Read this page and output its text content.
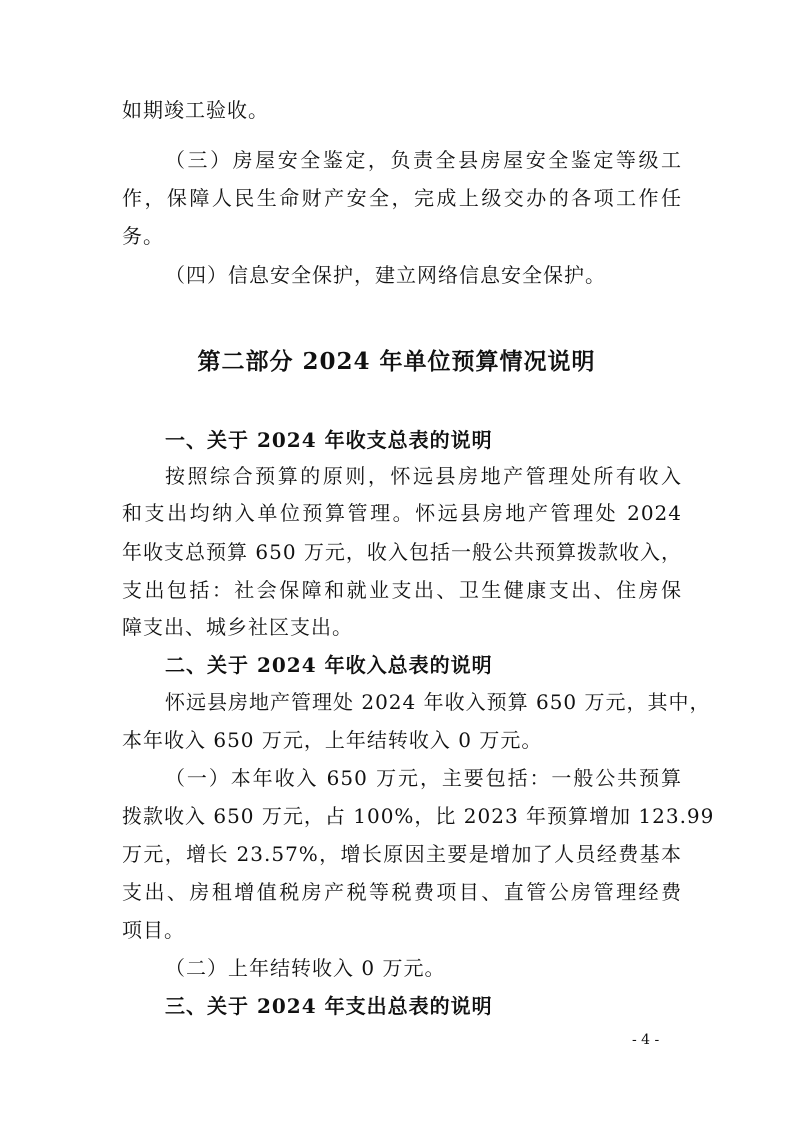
如期竣工验收。
（三）房屋安全鉴定，负责全县房屋安全鉴定等级工
作，保障人民生命财产安全，完成上级交办的各项工作任
务。
（四）信息安全保护，建立网络信息安全保护。
第二部分 2024 年单位预算情况说明
一、关于 2024 年收支总表的说明
按照综合预算的原则，怀远县房地产管理处所有收入
和支出均纳入单位预算管理。怀远县房地产管理处 2024
年收支总预算 650 万元，收入包括一般公共预算拨款收入，
支出包括：社会保障和就业支出、卫生健康支出、住房保
障支出、城乡社区支出。
二、关于 2024 年收入总表的说明
怀远县房地产管理处 2024 年收入预算 650 万元，其中，
本年收入 650 万元，上年结转收入 0 万元。
（一）本年收入 650 万元，主要包括：一般公共预算
拨款收入 650 万元，占 100%，比 2023 年预算增加 123.99
万元，增长 23.57%，增长原因主要是增加了人员经费基本
支出、房租增值税房产税等税费项目、直管公房管理经费
项目。
（二）上年结转收入 0 万元。
三、关于 2024 年支出总表的说明
- 4 -
